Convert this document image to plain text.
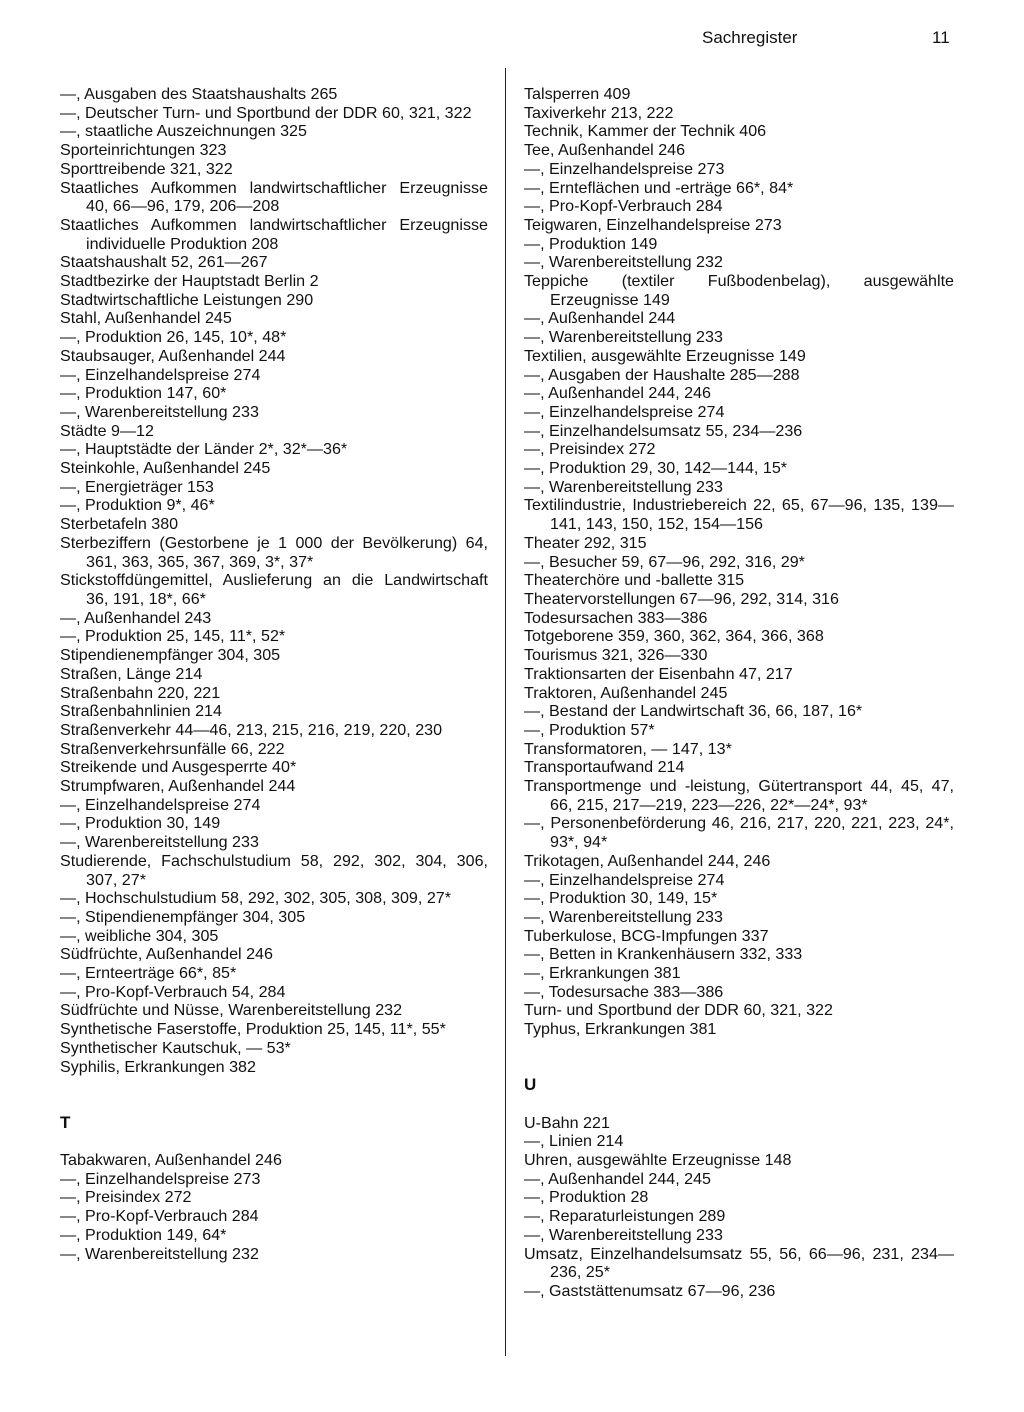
Sachregister	11
—, Ausgaben des Staatshaushalts 265
—, Deutscher Turn- und Sportbund der DDR 60, 321, 322
—, staatliche Auszeichnungen 325
Sporteinrichtungen 323
Sporttreibende 321, 322
Staatliches Aufkommen landwirtschaftlicher Erzeugnisse 40, 66—96, 179, 206—208
Staatliches Aufkommen landwirtschaftlicher Erzeugnisse individuelle Produktion 208
Staatshaushalt 52, 261—267
Stadtbezirke der Hauptstadt Berlin 2
Stadtwirtschaftliche Leistungen 290
Stahl, Außenhandel 245
—, Produktion 26, 145, 10*, 48*
Staubsauger, Außenhandel 244
—, Einzelhandelspreise 274
—, Produktion 147, 60*
—, Warenbereitstellung 233
Städte 9—12
—, Hauptstädte der Länder 2*, 32*—36*
Steinkohle, Außenhandel 245
—, Energieträger 153
—, Produktion 9*, 46*
Sterbetafeln 380
Sterbeziffern (Gestorbene je 1 000 der Bevölkerung) 64, 361, 363, 365, 367, 369, 3*, 37*
Stickstoffdüngemittel, Auslieferung an die Landwirtschaft 36, 191, 18*, 66*
—, Außenhandel 243
—, Produktion 25, 145, 11*, 52*
Stipendienempfänger 304, 305
Straßen, Länge 214
Straßenbahn 220, 221
Straßenbahnlinien 214
Straßenverkehr 44—46, 213, 215, 216, 219, 220, 230
Straßenverkehrsunfälle 66, 222
Streikende und Ausgesperrte 40*
Strumpfwaren, Außenhandel 244
—, Einzelhandelspreise 274
—, Produktion 30, 149
—, Warenbereitstellung 233
Studierende, Fachschulstudium 58, 292, 302, 304, 306, 307, 27*
—, Hochschulstudium 58, 292, 302, 305, 308, 309, 27*
—, Stipendienempfänger 304, 305
—, weibliche 304, 305
Südfrüchte, Außenhandel 246
—, Ernteerträge 66*, 85*
—, Pro-Kopf-Verbrauch 54, 284
Südfrüchte und Nüsse, Warenbereitstellung 232
Synthetische Faserstoffe, Produktion 25, 145, 11*, 55*
Synthetischer Kautschuk, — 53*
Syphilis, Erkrankungen 382
T
Tabakwaren, Außenhandel 246
—, Einzelhandelspreise 273
—, Preisindex 272
—, Pro-Kopf-Verbrauch 284
—, Produktion 149, 64*
—, Warenbereitstellung 232
Talsperren 409
Taxiverkehr 213, 222
Technik, Kammer der Technik 406
Tee, Außenhandel 246
—, Einzelhandelspreise 273
—, Ernteflächen und -erträge 66*, 84*
—, Pro-Kopf-Verbrauch 284
Teigwaren, Einzelhandelspreise 273
—, Produktion 149
—, Warenbereitstellung 232
Teppiche (textiler Fußbodenbelag), ausgewählte Erzeugnisse 149
—, Außenhandel 244
—, Warenbereitstellung 233
Textilien, ausgewählte Erzeugnisse 149
—, Ausgaben der Haushalte 285—288
—, Außenhandel 244, 246
—, Einzelhandelspreise 274
—, Einzelhandelsumsatz 55, 234—236
—, Preisindex 272
—, Produktion 29, 30, 142—144, 15*
—, Warenbereitstellung 233
Textilindustrie, Industriebereich 22, 65, 67—96, 135, 139—141, 143, 150, 152, 154—156
Theater 292, 315
—, Besucher 59, 67—96, 292, 316, 29*
Theaterchöre und -ballette 315
Theatervorstellungen 67—96, 292, 314, 316
Todesursachen 383—386
Totgeborene 359, 360, 362, 364, 366, 368
Tourismus 321, 326—330
Traktionsarten der Eisenbahn 47, 217
Traktoren, Außenhandel 245
—, Bestand der Landwirtschaft 36, 66, 187, 16*
—, Produktion 57*
Transformatoren, — 147, 13*
Transportaufwand 214
Transportmenge und -leistung, Gütertransport 44, 45, 47, 66, 215, 217—219, 223—226, 22*—24*, 93*
—, Personenbeförderung 46, 216, 217, 220, 221, 223, 24*, 93*, 94*
Trikotagen, Außenhandel 244, 246
—, Einzelhandelspreise 274
—, Produktion 30, 149, 15*
—, Warenbereitstellung 233
Tuberkulose, BCG-Impfungen 337
—, Betten in Krankenhäusern 332, 333
—, Erkrankungen 381
—, Todesursache 383—386
Turn- und Sportbund der DDR 60, 321, 322
Typhus, Erkrankungen 381
U
U-Bahn 221
—, Linien 214
Uhren, ausgewählte Erzeugnisse 148
—, Außenhandel 244, 245
—, Produktion 28
—, Reparaturleistungen 289
—, Warenbereitstellung 233
Umsatz, Einzelhandelsumsatz 55, 56, 66—96, 231, 234—236, 25*
—, Gaststättenumsatz 67—96, 236
